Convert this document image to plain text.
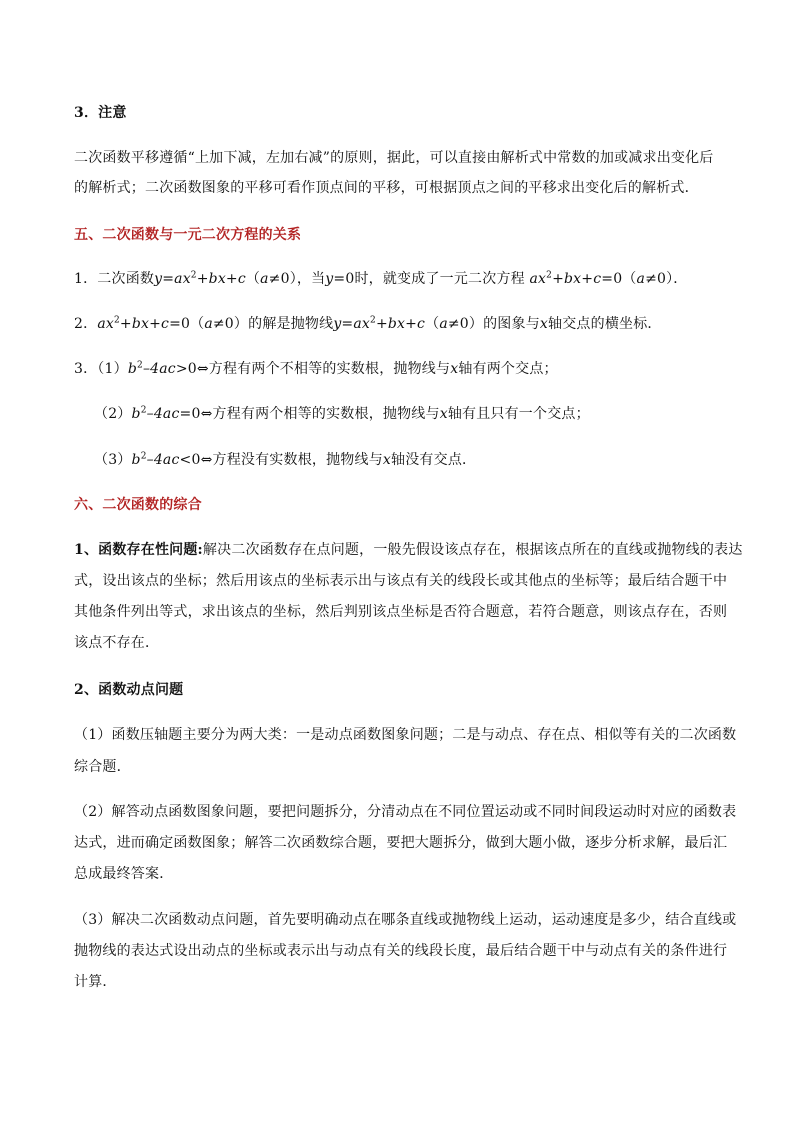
3．注意
二次函数平移遵循“上加下减，左加右减”的原则，据此，可以直接由解析式中常数的加或减求出变化后
的解析式；二次函数图象的平移可看作顶点间的平移，可根据顶点之间的平移求出变化后的解析式．
五、二次函数与一元二次方程的关系
1．二次函数$y=ax^2+bx+c(a\ne 0)$，当y=0时，就变成了一元二次方程 $ax^2+bx+c=0(a\ne 0)$．
2．$ax^2+bx+c=0(a\ne 0)$的解是抛物线$y=ax^2+bx+c(a\ne 0)$的图象与x轴交点的横坐标．
3．$(1)b^2-4ac>0\Leftrightarrow$方程有两个不相等的实数根，抛物线与x轴有两个交点；
$(2)b^2-4ac=0\Leftrightarrow$方程有两个相等的实数根，抛物线与x轴有且只有一个交点；
$(3)b^2-4ac<0\Leftrightarrow$方程没有实数根，抛物线与x轴没有交点．
六、二次函数的综合
1、函数存在性问题:解决二次函数存在点问题，一般先假设该点存在，根据该点所在的直线或抛物线的表达
式，设出该点的坐标；然后用该点的坐标表示出与该点有关的线段长或其他点的坐标等；最后结合题干中
其他条件列出等式，求出该点的坐标，然后判别该点坐标是否符合题意，若符合题意，则该点存在，否则
该点不存在．
2、函数动点问题
（1）函数压轴题主要分为两大类：一是动点函数图象问题；二是与动点、存在点、相似等有关的二次函数
综合题．
（2）解答动点函数图象问题，要把问题拆分，分清动点在不同位置运动或不同时间段运动时对应的函数表
达式，进而确定函数图象；解答二次函数综合题，要把大题拆分，做到大题小做，逐步分析求解，最后汇
总成最终答案．
（3）解决二次函数动点问题，首先要明确动点在哪条直线或抛物线上运动，运动速度是多少，结合直线或
抛物线的表达式设出动点的坐标或表示出与动点有关的线段长度，最后结合题干中与动点有关的条件进行
计算．
